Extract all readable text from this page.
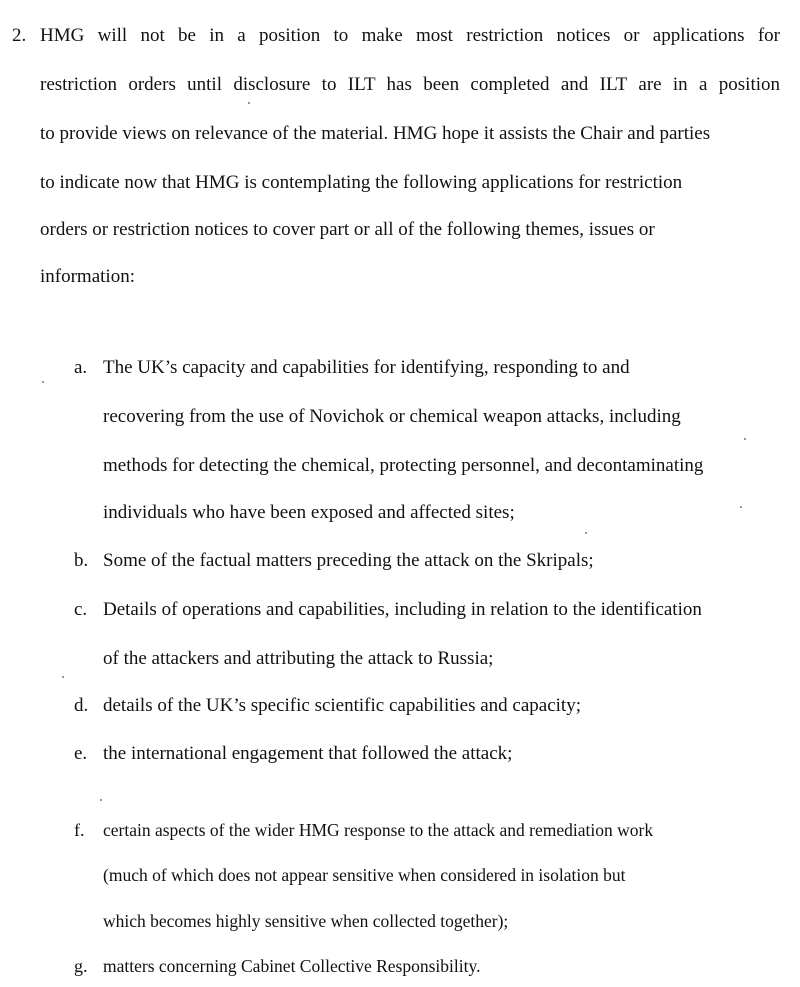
2. HMG will not be in a position to make most restriction notices or applications for
restriction orders until disclosure to ILT has been completed and ILT are in a position
to provide views on relevance of the material. HMG hope it assists the Chair and parties
to indicate now that HMG is contemplating the following applications for restriction
orders or restriction notices to cover part or all of the following themes, issues or
information:
a. The UK’s capacity and capabilities for identifying, responding to and
recovering from the use of Novichok or chemical weapon attacks, including
methods for detecting the chemical, protecting personnel, and decontaminating
individuals who have been exposed and affected sites;
b. Some of the factual matters preceding the attack on the Skripals;
c. Details of operations and capabilities, including in relation to the identification
of the attackers and attributing the attack to Russia;
d. details of the UK’s specific scientific capabilities and capacity;
e. the international engagement that followed the attack;
f. certain aspects of the wider HMG response to the attack and remediation work
(much of which does not appear sensitive when considered in isolation but
which becomes highly sensitive when collected together);
g. matters concerning Cabinet Collective Responsibility.
